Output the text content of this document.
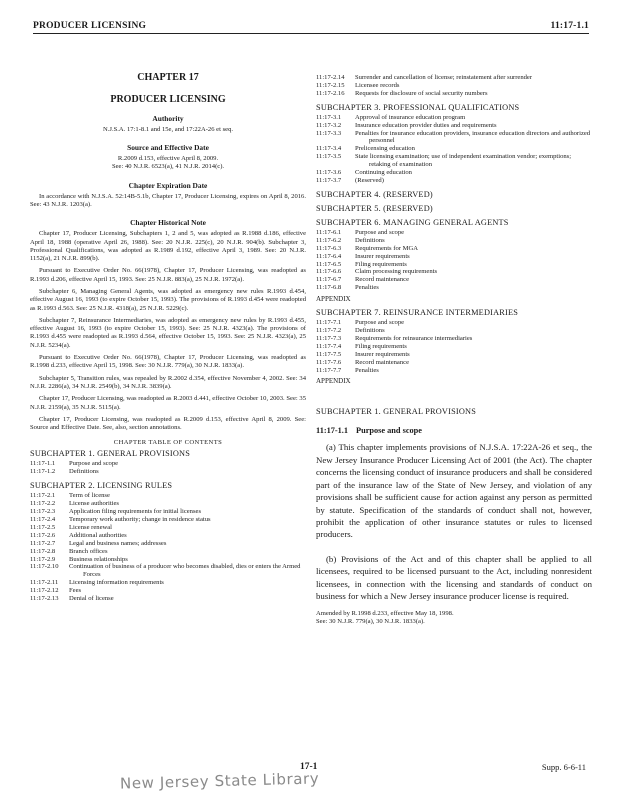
PRODUCER LICENSING	11:17-1.1
CHAPTER 17
PRODUCER LICENSING
Authority
N.J.S.A. 17:1-8.1 and 15e, and 17:22A-26 et seq.
Source and Effective Date
R.2009 d.153, effective April 8, 2009.
See: 40 N.J.R. 6523(a), 41 N.J.R. 2014(c).
Chapter Expiration Date
In accordance with N.J.S.A. 52:14B-5.1b, Chapter 17, Producer Licensing, expires on April 8, 2016. See: 43 N.J.R. 1203(a).
Chapter Historical Note
Chapter 17, Producer Licensing, Subchapters 1, 2 and 5, was adopted as R.1988 d.186, effective April 18, 1988 (operative April 26, 1988). See: 20 N.J.R. 225(c), 20 N.J.R. 904(b). Subchapter 3, Professional Qualifications, was adopted as R.1989 d.192, effective April 3, 1989. See: 20 N.J.R. 1152(a), 21 N.J.R. 899(b).
Pursuant to Executive Order No. 66(1978), Chapter 17, Producer Licensing, was readopted as R.1993 d.206, effective April 15, 1993. See: 25 N.J.R. 883(a), 25 N.J.R. 1972(a).
Subchapter 6, Managing General Agents, was adopted as emergency new rules R.1993 d.454, effective August 16, 1993 (to expire October 15, 1993). The provisions of R.1993 d.454 were readopted as R.1993 d.563. See: 25 N.J.R. 4318(a), 25 N.J.R. 5229(c).
Subchapter 7, Reinsurance Intermediaries, was adopted as emergency new rules by R.1993 d.455, effective August 16, 1993 (to expire October 15, 1993). See: 25 N.J.R. 4323(a). The provisions of R.1993 d.455 were readopted as R.1993 d.564, effective October 15, 1993. See: 25 N.J.R. 4323(a), 25 N.J.R. 5234(a).
Pursuant to Executive Order No. 66(1978), Chapter 17, Producer Licensing, was readopted as R.1998 d.233, effective April 15, 1998. See: 30 N.J.R. 779(a), 30 N.J.R. 1833(a).
Subchapter 5, Transition rules, was repealed by R.2002 d.354, effective November 4, 2002. See: 34 N.J.R. 2286(a), 34 N.J.R. 2549(b), 34 N.J.R. 3839(a).
Chapter 17, Producer Licensing, was readopted as R.2003 d.441, effective October 10, 2003. See: 35 N.J.R. 2159(a), 35 N.J.R. 5115(a).
Chapter 17, Producer Licensing, was readopted as R.2009 d.153, effective April 8, 2009. See: Source and Effective Date. See, also, section annotations.
CHAPTER TABLE OF CONTENTS
SUBCHAPTER 1. GENERAL PROVISIONS
11:17-1.1	Purpose and scope
11:17-1.2	Definitions
SUBCHAPTER 2. LICENSING RULES
11:17-2.1	Term of license
11:17-2.2	License authorities
11:17-2.3	Application filing requirements for initial licenses
11:17-2.4	Temporary work authority; change in residence status
11:17-2.5	License renewal
11:17-2.6	Additional authorities
11:17-2.7	Legal and business names; addresses
11:17-2.8	Branch offices
11:17-2.9	Business relationships
11:17-2.10	Continuation of business of a producer who becomes disabled, dies or enters the Armed Forces
11:17-2.11	Licensing information requirements
11:17-2.12	Fees
11:17-2.13	Denial of license
11:17-2.14	Surrender and cancellation of license; reinstatement after surrender
11:17-2.15	Licensee records
11:17-2.16	Requests for disclosure of social security numbers
SUBCHAPTER 3. PROFESSIONAL QUALIFICATIONS
11:17-3.1	Approval of insurance education program
11:17-3.2	Insurance education provider duties and requirements
11:17-3.3	Penalties for insurance education providers, insurance education directors and authorized personnel
11:17-3.4	Prelicensing education
11:17-3.5	State licensing examination; use of independent examination vendor; exemptions; retaking of examination
11:17-3.6	Continuing education
11:17-3.7	(Reserved)
SUBCHAPTER 4. (RESERVED)
SUBCHAPTER 5. (RESERVED)
SUBCHAPTER 6. MANAGING GENERAL AGENTS
11:17-6.1	Purpose and scope
11:17-6.2	Definitions
11:17-6.3	Requirements for MGA
11:17-6.4	Insurer requirements
11:17-6.5	Filing requirements
11:17-6.6	Claim processing requirements
11:17-6.7	Record maintenance
11:17-6.8	Penalties
APPENDIX
SUBCHAPTER 7. REINSURANCE INTERMEDIARIES
11:17-7.1	Purpose and scope
11:17-7.2	Definitions
11:17-7.3	Requirements for reinsurance intermediaries
11:17-7.4	Filing requirements
11:17-7.5	Insurer requirements
11:17-7.6	Record maintenance
11:17-7.7	Penalties
APPENDIX
SUBCHAPTER 1. GENERAL PROVISIONS
11:17-1.1 Purpose and scope
(a) This chapter implements provisions of N.J.S.A. 17:22A-26 et seq., the New Jersey Insurance Producer Licensing Act of 2001 (the Act). The chapter concerns the licensing conduct of insurance producers and shall be considered part of the insurance law of the State of New Jersey, and violation of any provisions shall be sufficient cause for action against any person as permitted by statute. Specification of the standards of conduct shall not, however, prohibit the application of other insurance statutes or rules to licensed producers.
(b) Provisions of the Act and of this chapter shall be applied to all licensees, required to be licensed pursuant to the Act, including nonresident licensees, in connection with the licensing and standards of conduct on business for which a New Jersey insurance producer license is required.
Amended by R.1998 d.233, effective May 18, 1998.
See: 30 N.J.R. 779(a), 30 N.J.R. 1833(a).
17-1	Supp. 6-6-11
New Jersey State Library
